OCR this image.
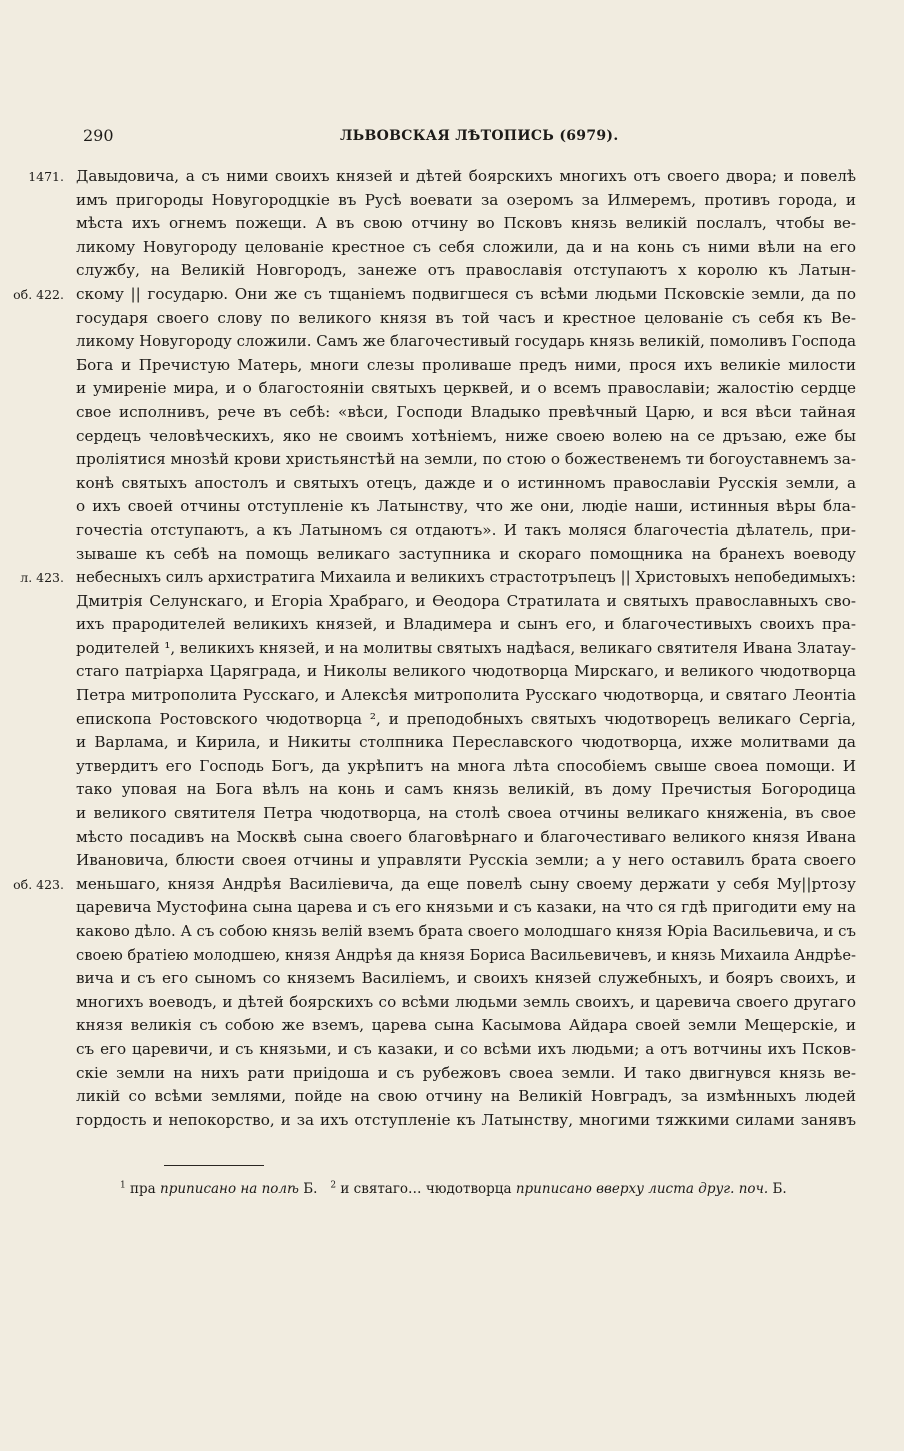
290	ЛЬВОВСКАЯ ЛѢТОПИСЬ (6979).
Давыдовича, а съ ними своихъ князей и дѣтей боярскихъ многихъ отъ своего двора; и повелѣ
1471.
имъ пригороды Новугородцкіе въ Русѣ воевати за озеромъ за Илмеремъ, противъ города, и
мѣста ихъ огнемъ пожещи. А въ свою отчину во Псковъ князь великій послалъ, чтобы ве-
ликому Новугороду целованіе крестное съ себя сложили, да и на конь съ ними вѣли на его
службу, на Великій Новгородъ, занеже отъ православія отступаютъ х королю къ Латын-
скому || государю. Они же съ тщаніемъ подвигшеся съ всѣми людьми Псковскіе земли, да по
об. 422.
государя своего слову по великого князя въ той часъ и крестное целованіе съ себя къ Ве-
ликому Новугороду сложили. Самъ же благочестивый государь князь великій, помоливъ Господа
Бога и Пречистую Матерь, многи слезы проливаше предъ ними, прося ихъ великіе милости
и умиреніе мира, и о благостояніи святыхъ церквей, и о всемъ православіи; жалостію сердце
свое исполнивъ, рече въ себѣ: «вѣси, Господи Владыко превѣчный Царю, и вся вѣси тайная
сердецъ человѣческихъ, яко не своимъ хотѣніемъ, ниже своею волею на се дръзаю, еже бы
пролiятися мнозѣй крови христьянстѣй на земли, по стою о божественемъ ти богоуставнемъ за-
конѣ святыхъ апостолъ и святыхъ отецъ, дажде и о истинномъ православіи Русскія земли, а
о ихъ своей отчины отступленіе къ Латынству, что же они, людіе наши, истинныя вѣры бла-
гочестіа отступаютъ, а къ Латыномъ ся отдаютъ». И такъ моляся благочестіа дѣлатель, при-
зываше къ себѣ на помощь великаго заступника и скораго помощника на бранехъ воеводу
небесныхъ силъ архистратига Михаила и великихъ страстотръпецъ || Христовыхъ непобедимыхъ:
л. 423.
Дмитрія Селунскаго, и Егоріа Храбраго, и Ѳеодора Стратилата и святыхъ православныхъ сво-
ихъ прародителей великихъ князей, и Владимера и сынъ его, и благочестивыхъ своихъ пра-
родителей ¹, великихъ князей, и на молитвы святыхъ надѣася, великаго святителя Ивана Златау-
стаго патріарха Царяграда, и Николы великого чюдотворца Мирскаго, и великого чюдотворца
Петра митрополита Русскаго, и Алексѣя митрополита Русскаго чюдотворца, и святаго Леонтіа
епископа Ростовского чюдотворца ², и преподобныхъ святыхъ чюдотворецъ великаго Сергіа,
и Варлама, и Кирила, и Никиты столпника Переславского чюдотворца, ихже молитвами да
утвердитъ его Господь Богъ, да укрѣпитъ на многа лѣта способіемъ свыше своеа помощи. И
тако уповая на Бога вѣлъ на конь и самъ князь великій, въ дому Пречистыя Богородица
и великого святителя Петра чюдотворца, на столѣ своеа отчины великаго княженіа, въ свое
мѣсто посадивъ на Москвѣ сына своего благовѣрнаго и благочестиваго великого князя Ивана
Ивановича, блюсти своея отчины и управляти Русскіа земли; а у него оставилъ брата своего
меньшаго, князя Андрѣя Василіевича, да еще повелѣ сыну своему держати у себя Му||ртозу
об. 423.
царевича Мустофина сына царева и съ его князьми и съ казаки, на что ся гдѣ пригодити ему на
каково дѣло. А съ собою князь велій вземъ брата своего молодшаго князя Юріа Васильевича, и съ
своею братіею молодшею, князя Андрѣя да князя Бориса Васильевичевъ, и князь Михаила Андрѣе-
вича и съ его сыномъ со княземъ Василіемъ, и своихъ князей служебныхъ, и бояръ своихъ, и
многихъ воеводъ, и дѣтей боярскихъ со всѣми людьми земль своихъ, и царевича своего другаго
князя великія съ собою же вземъ, царева сына Касымова Айдара своей земли Мещерскіе, и
съ его царевичи, и съ князьми, и съ казаки, и со всѣми ихъ людьми; а отъ вотчины ихъ Псков-
скіе земли на нихъ рати приідоша и съ рубежовъ своеа земли. И тако двигнувся князь ве-
ликій со всѣми землями, пойде на свою отчину на Великій Новградъ, за измѣнныхъ людей
гордость и непокорство, и за ихъ отступленіе къ Латынству, многими тяжкими силами занявъ
$^1$ пра приписано на полѣ Б. $^2$ и святаго… чюдотворца приписано вверху листа друг. поч. Б.
